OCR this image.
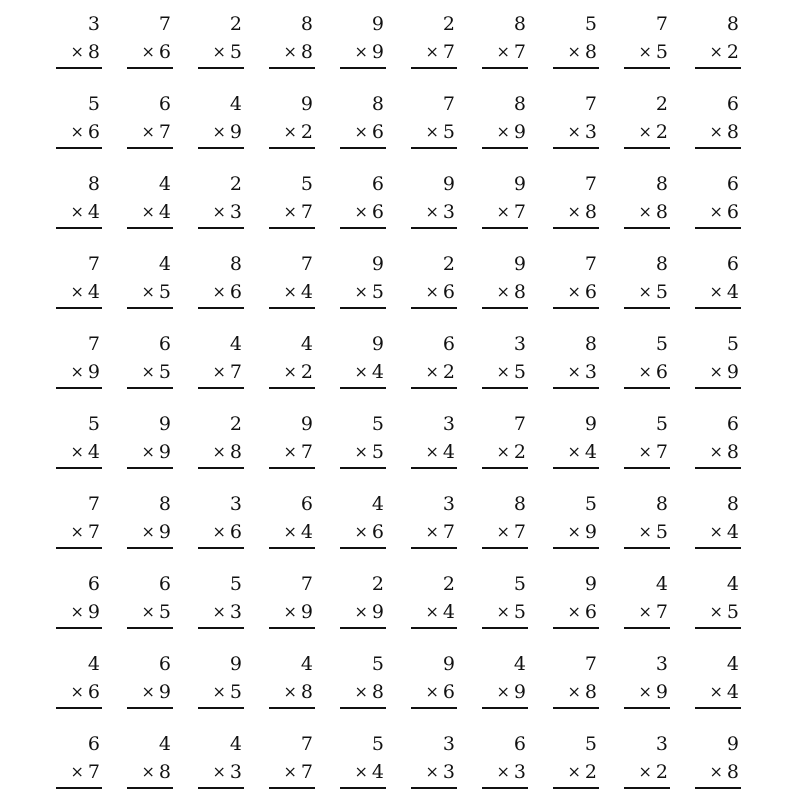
3
× 8
7
× 6
2
× 5
8
× 8
9
× 9
2
× 7
8
× 7
5
× 8
7
× 5
8
× 2
5
× 6
6
× 7
4
× 9
9
× 2
8
× 6
7
× 5
8
× 9
7
× 3
2
× 2
6
× 8
8
× 4
4
× 4
2
× 3
5
× 7
6
× 6
9
× 3
9
× 7
7
× 8
8
× 8
6
× 6
7
× 4
4
× 5
8
× 6
7
× 4
9
× 5
2
× 6
9
× 8
7
× 6
8
× 5
6
× 4
7
× 9
6
× 5
4
× 7
4
× 2
9
× 4
6
× 2
3
× 5
8
× 3
5
× 6
5
× 9
5
× 4
9
× 9
2
× 8
9
× 7
5
× 5
3
× 4
7
× 2
9
× 4
5
× 7
6
× 8
7
× 7
8
× 9
3
× 6
6
× 4
4
× 6
3
× 7
8
× 7
5
× 9
8
× 5
8
× 4
6
× 9
6
× 5
5
× 3
7
× 9
2
× 9
2
× 4
5
× 5
9
× 6
4
× 7
4
× 5
4
× 6
6
× 9
9
× 5
4
× 8
5
× 8
9
× 6
4
× 9
7
× 8
3
× 9
4
× 4
6
× 7
4
× 8
4
× 3
7
× 7
5
× 4
3
× 3
6
× 3
5
× 2
3
× 2
9
× 8
